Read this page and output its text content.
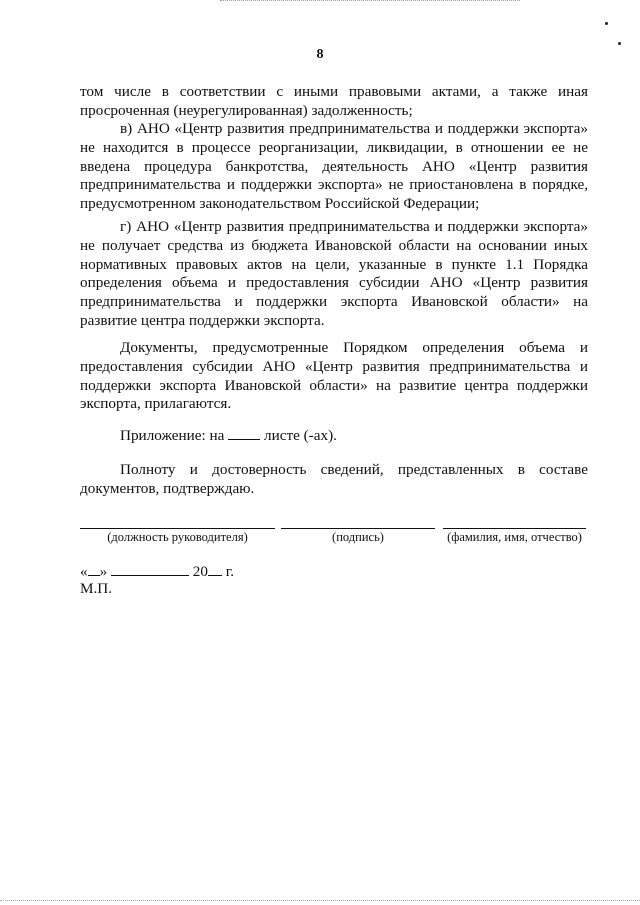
8
том числе в соответствии с иными правовыми актами, а также иная просроченная (неурегулированная) задолженность;
в) АНО «Центр развития предпринимательства и поддержки экспорта» не находится в процессе реорганизации, ликвидации, в отношении ее не введена процедура банкротства, деятельность АНО «Центр развития предпринимательства и поддержки экспорта» не приостановлена в порядке, предусмотренном законодательством Российской Федерации;
г) АНО «Центр развития предпринимательства и поддержки экспорта» не получает средства из бюджета Ивановской области на основании иных нормативных правовых актов на цели, указанные в пункте 1.1 Порядка определения объема и предоставления субсидии АНО «Центр развития предпринимательства и поддержки экспорта Ивановской области» на развитие центра поддержки экспорта.
Документы, предусмотренные Порядком определения объема и предоставления субсидии АНО «Центр развития предпринимательства и поддержки экспорта Ивановской области» на развитие центра поддержки экспорта, прилагаются.
Приложение: на	листе (-ах).
Полноту и достоверность сведений, представленных в составе документов, подтверждаю.
(должность руководителя)	(подпись)	(фамилия, имя, отчество)
« »	20 г.
М.П.
